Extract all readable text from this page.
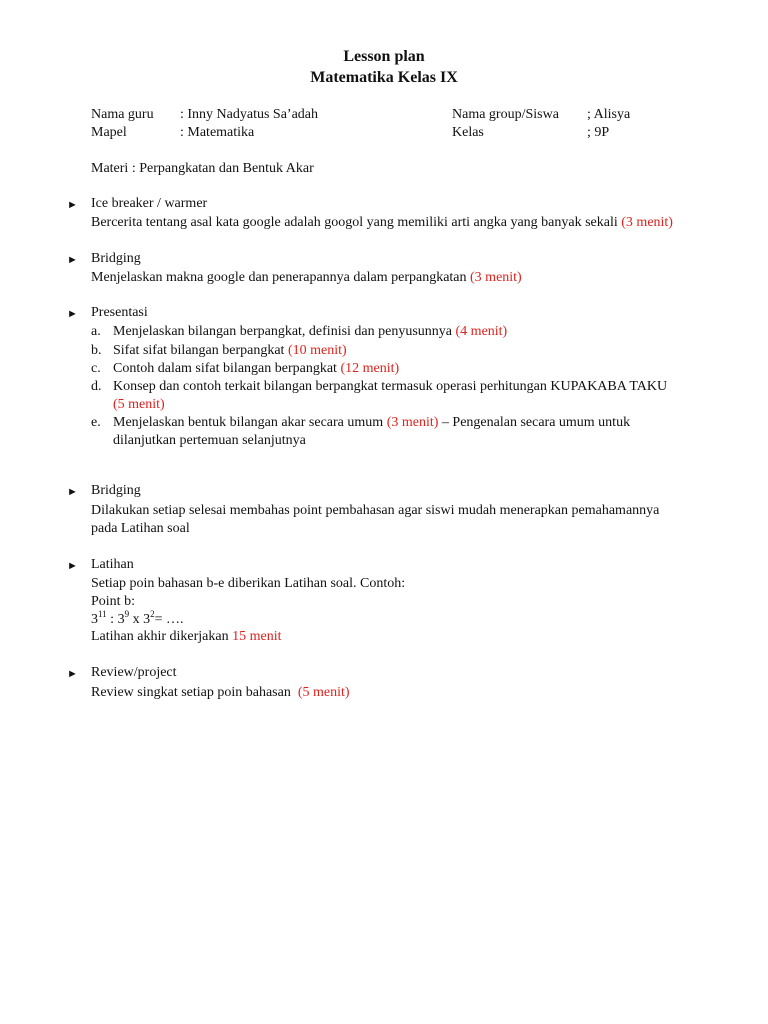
Lesson plan
Matematika Kelas IX
Nama guru : Inny Nadyatus Sa’adah	Nama group/Siswa ; Alisya
Mapel	: Matematika	Kelas	; 9P
Materi : Perpangkatan dan Bentuk Akar
► Ice breaker / warmer
Bercerita tentang asal kata google adalah googol yang memiliki arti angka yang banyak sekali (3 menit)
► Bridging
Menjelaskan makna google dan penerapannya dalam perpangkatan (3 menit)
► Presentasi
a. Menjelaskan bilangan berpangkat, definisi dan penyusunnya (4 menit)
b. Sifat sifat bilangan berpangkat (10 menit)
c. Contoh dalam sifat bilangan berpangkat (12 menit)
d. Konsep dan contoh terkait bilangan berpangkat termasuk operasi perhitungan KUPAKABA TAKU
(5 menit)
e. Menjelaskan bentuk bilangan akar secara umum (3 menit) – Pengenalan secara umum untuk
dilanjutkan pertemuan selanjutnya
► Bridging
Dilakukan setiap selesai membahas point pembahasan agar siswi mudah menerapkan pemahamannya
pada Latihan soal
► Latihan
Setiap poin bahasan b-e diberikan Latihan soal. Contoh:
Point b:
$3^{11}$ : $3^9$ x $3^2=$ ….
Latihan akhir dikerjakan 15 menit
► Review/project
Review singkat setiap poin bahasan  (5 menit)
